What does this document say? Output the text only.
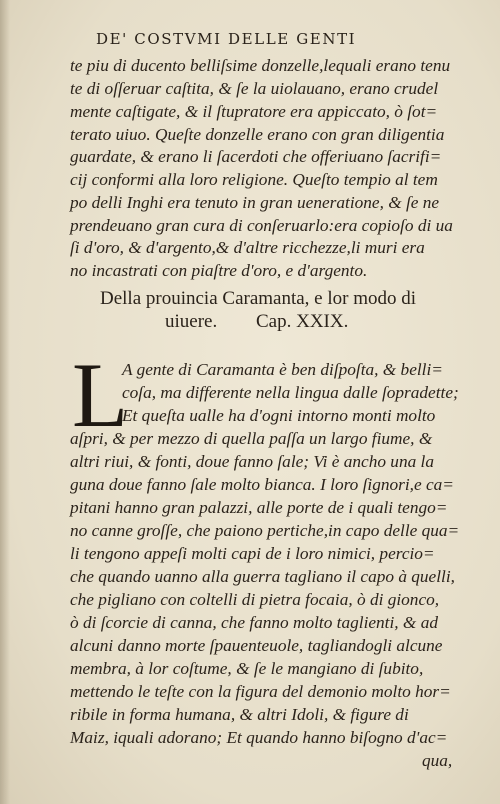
DE' COSTVMI DELLE GENTI
te piu di ducento belliſsime donzelle,lequali erano tenu
te di oſſeruar caſtita, & ſe la uiolauano, erano crudel
mente caſtigate, & il ſtupratore era appiccato, ò ſot=
terato uiuo. Queſte donzelle erano con gran diligentia
guardate, & erano li ſacerdoti che offeriuano ſacrifi=
cij conformi alla loro religione. Queſto tempio al tem
po delli Inghi era tenuto in gran ueneratione, & ſe ne
prendeuano gran cura di conſeruarlo:era copioſo di ua
ſi d'oro, & d'argento,& d'altre ricchezze,li muri era
no incastrati con piaſtre d'oro, e d'argento.
Della prouincia Caramanta, e lor modo di
uiuere. Cap. XXIX.
L
A gente di Caramanta è ben diſpoſta, & belli=
coſa, ma differente nella lingua dalle ſopradette;
Et queſta ualle ha d'ogni intorno monti molto
aſpri, & per mezzo di quella paſſa un largo fiume, &
altri riui, & fonti, doue fanno ſale; Vi è ancho una la
guna doue fanno ſale molto bianca. I loro ſignori,e ca=
pitani hanno gran palazzi, alle porte de i quali tengo=
no canne groſſe, che paiono pertiche,in capo delle qua=
li tengono appeſi molti capi de i loro nimici, percio=
che quando uanno alla guerra tagliano il capo à quelli,
che pigliano con coltelli di pietra focaia, ò di gionco,
ò di ſcorcie di canna, che fanno molto taglienti, & ad
alcuni danno morte ſpauenteuole, tagliandogli alcune
membra, à lor coſtume, & ſe le mangiano di ſubito,
mettendo le teſte con la figura del demonio molto hor=
ribile in forma humana, & altri Idoli, & figure di
Maiz, iquali adorano; Et quando hanno biſogno d'ac=
qua,
